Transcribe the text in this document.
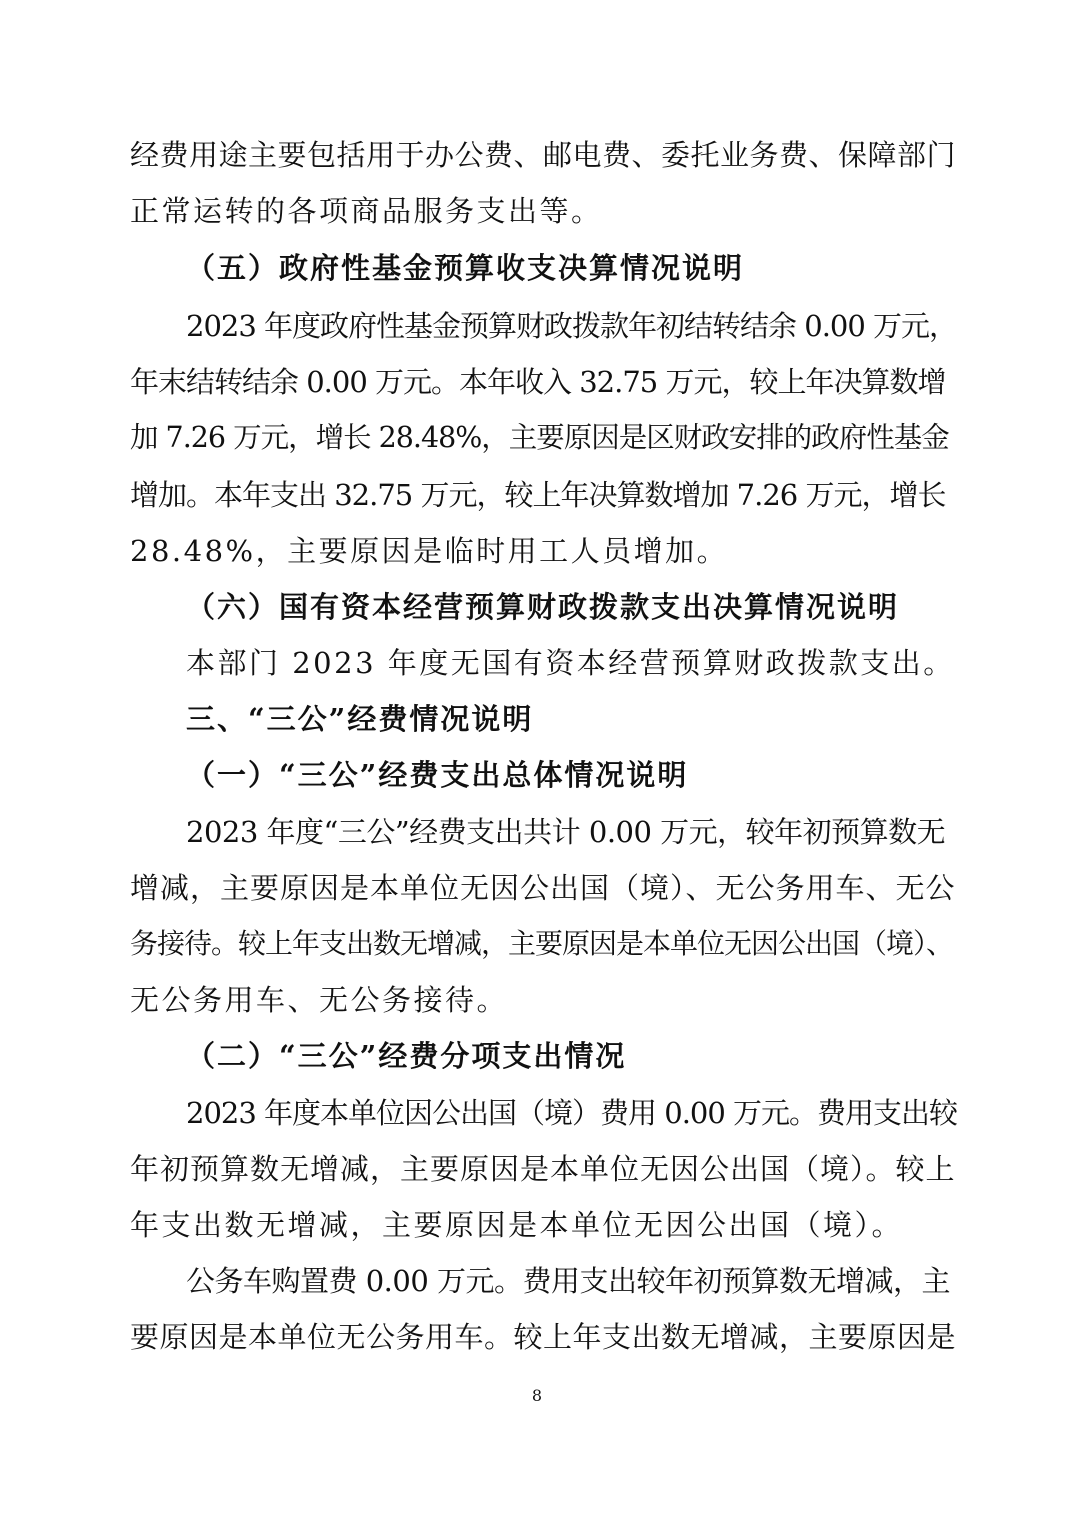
经费用途主要包括用于办公费、邮电费、委托业务费、保障部门
正常运转的各项商品服务支出等。
（五）政府性基金预算收支决算情况说明
2023 年度政府性基金预算财政拨款年初结转结余 0.00 万元，
年末结转结余 0.00 万元。本年收入 32.75 万元，较上年决算数增
加 7.26 万元，增长 28.48%，主要原因是区财政安排的政府性基金
增加。本年支出 32.75 万元，较上年决算数增加 7.26 万元，增长
28.48%，主要原因是临时用工人员增加。
（六）国有资本经营预算财政拨款支出决算情况说明
本部门 2023 年度无国有资本经营预算财政拨款支出。
三、“三公”经费情况说明
（一）“三公”经费支出总体情况说明
2023 年度“三公”经费支出共计 0.00 万元，较年初预算数无
增减，主要原因是本单位无因公出国（境）、无公务用车、无公
务接待。较上年支出数无增减，主要原因是本单位无因公出国（境）、
无公务用车、无公务接待。
（二）“三公”经费分项支出情况
2023 年度本单位因公出国（境）费用 0.00 万元。费用支出较
年初预算数无增减，主要原因是本单位无因公出国（境）。较上
年支出数无增减，主要原因是本单位无因公出国（境）。
公务车购置费 0.00 万元。费用支出较年初预算数无增减，主
要原因是本单位无公务用车。较上年支出数无增减，主要原因是
8
